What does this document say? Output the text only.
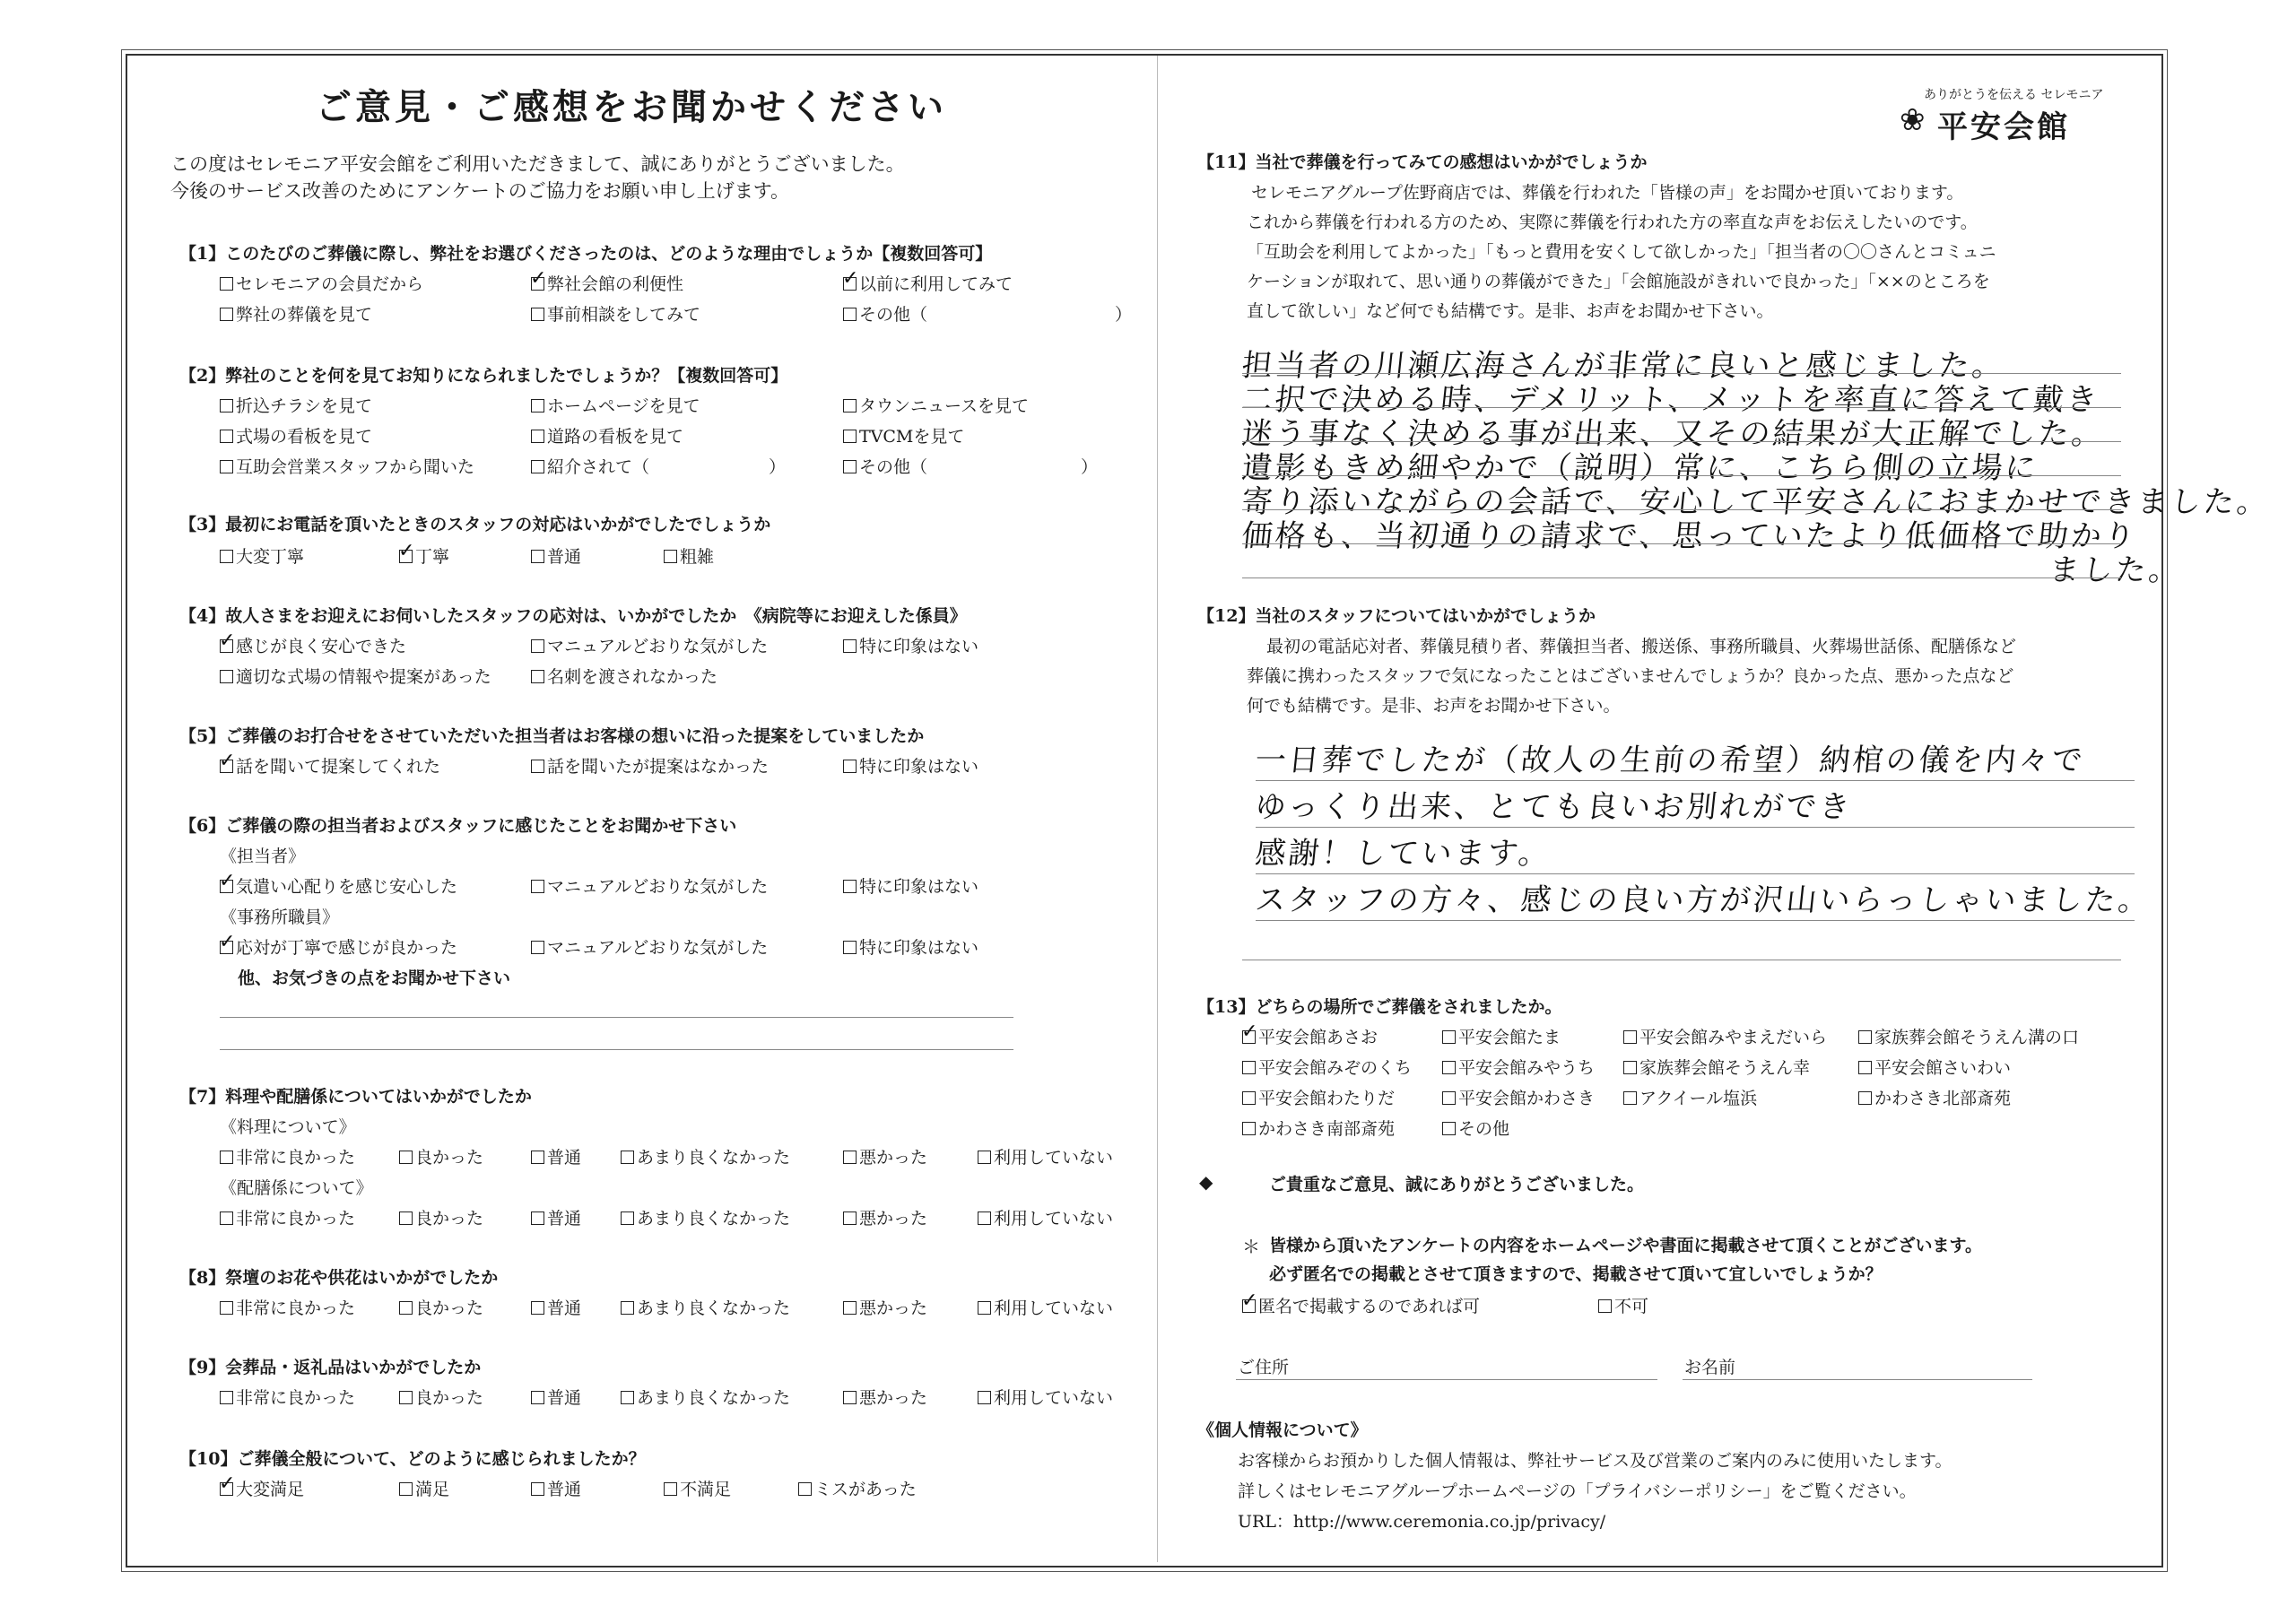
ご意見・ご感想をお聞かせください
この度はセレモニア平安会館をご利用いただきまして、誠にありがとうございました。
今後のサービス改善のためにアンケートのご協力をお願い申し上げます。
【1】このたびのご葬儀に際し、弊社をお選びくださったのは、どのような理由でしょうか【複数回答可】
【2】弊社のことを何を見てお知りになられましたでしょうか？【複数回答可】
【3】最初にお電話を頂いたときのスタッフの対応はいかがでしたでしょうか
【4】故人さまをお迎えにお伺いしたスタッフの応対は、いかがでしたか　《病院等にお迎えした係員》
【5】ご葬儀のお打合せをさせていただいた担当者はお客様の想いに沿った提案をしていましたか
【6】ご葬儀の際の担当者およびスタッフに感じたことをお聞かせ下さい
《担当者》
《事務所職員》
他、お気づきの点をお聞かせ下さい
【7】料理や配膳係についてはいかがでしたか
《料理について》
《配膳係について》
【8】祭壇のお花や供花はいかがでしたか
【9】会葬品・返礼品はいかがでしたか
【10】ご葬儀全般について、どのように感じられましたか？
ありがとうを伝える セレモニア
❀ 平安会館
【11】当社で葬儀を行ってみての感想はいかがでしょうか
【12】当社のスタッフについてはいかがでしょうか
【13】どちらの場所でご葬儀をされましたか。
◆	ご貴重なご意見、誠にありがとうございました。
＊ 皆様から頂いたアンケートの内容をホームページや書面に掲載させて頂くことがございます。
必ず匿名での掲載とさせて頂きますので、掲載させて頂いて宜しいでしょうか？
✓匿名で掲載するのであれば可	不可
ご住所	お名前
《個人情報について》
お客様からお預かりした個人情報は、弊社サービス及び営業のご案内のみに使用いたします。
詳しくはセレモニアグループホームページの「プライバシーポリシー」をご覧ください。
URL：http://www.ceremonia.co.jp/privacy/
セレモニアの会員だから ✓	弊社会館の利便性 ✓	以前に利用してみて
弊社の葬儀を見て	事前相談をしてみて	その他（　　　　　　　　　　　）
折込チラシを見て	ホームページを見て	タウンニュースを見て
式場の看板を見て	道路の看板を見て	TVCMを見て
互助会営業スタッフから聞いた	紹介されて（　　　　　　　）	その他（　　　　　　　　　）
大変丁寧 ✓	丁寧	普通	粗雑
✓感じが良く安心できた	マニュアルどおりな気がした	特に印象はない
適切な式場の情報や提案があった	名刺を渡されなかった
✓話を聞いて提案してくれた	話を聞いたが提案はなかった	特に印象はない
✓気遣い心配りを感じ安心した	マニュアルどおりな気がした	特に印象はない
✓応対が丁寧で感じが良かった	マニュアルどおりな気がした	特に印象はない
✓大変満足	満足	普通	不満足	ミスがあった
✓平安会館あさお	平安会館たま	平安会館みやまえだいら	家族葬会館そうえん溝の口
平安会館みぞのくち	平安会館みやうち	家族葬会館そうえん幸	平安会館さいわい
平安会館わたりだ	平安会館かわさき	アクイール塩浜	かわさき北部斎苑
かわさき南部斎苑	その他
非常に良かった	良かった	普通	あまり良くなかった	悪かった	利用していない
非常に良かった	良かった	普通	あまり良くなかった	悪かった	利用していない
非常に良かった	良かった	普通	あまり良くなかった	悪かった	利用していない
非常に良かった	良かった	普通	あまり良くなかった	悪かった	利用していない
セレモニアグループ佐野商店では、葬儀を行われた「皆様の声」をお聞かせ頂いております。
これから葬儀を行われる方のため、実際に葬儀を行われた方の率直な声をお伝えしたいのです。
「互助会を利用してよかった」「もっと費用を安くして欲しかった」「担当者の〇〇さんとコミュニ
ケーションが取れて、思い通りの葬儀ができた」「会館施設がきれいで良かった」「××のところを
直して欲しい」など何でも結構です。是非、お声をお聞かせ下さい。
最初の電話応対者、葬儀見積り者、葬儀担当者、搬送係、事務所職員、火葬場世話係、配膳係など
葬儀に携わったスタッフで気になったことはございませんでしょうか？良かった点、悪かった点など
何でも結構です。是非、お声をお聞かせ下さい。
担当者の川瀬広海さんが非常に良いと感じました。
二択で決める時、デメリット、メットを率直に答えて戴き
迷う事なく決める事が出来、又その結果が大正解でした。
遺影もきめ細やかで（説明）常に、こちら側の立場に
寄り添いながらの会話で、安心して平安さんにおまかせできました。
価格も、当初通りの請求で、思っていたより低価格で助かり
ました。
一日葬でしたが（故人の生前の希望）納棺の儀を内々で
ゆっくり出来、とても良いお別れができ
感謝！しています。
スタッフの方々、感じの良い方が沢山いらっしゃいました。
